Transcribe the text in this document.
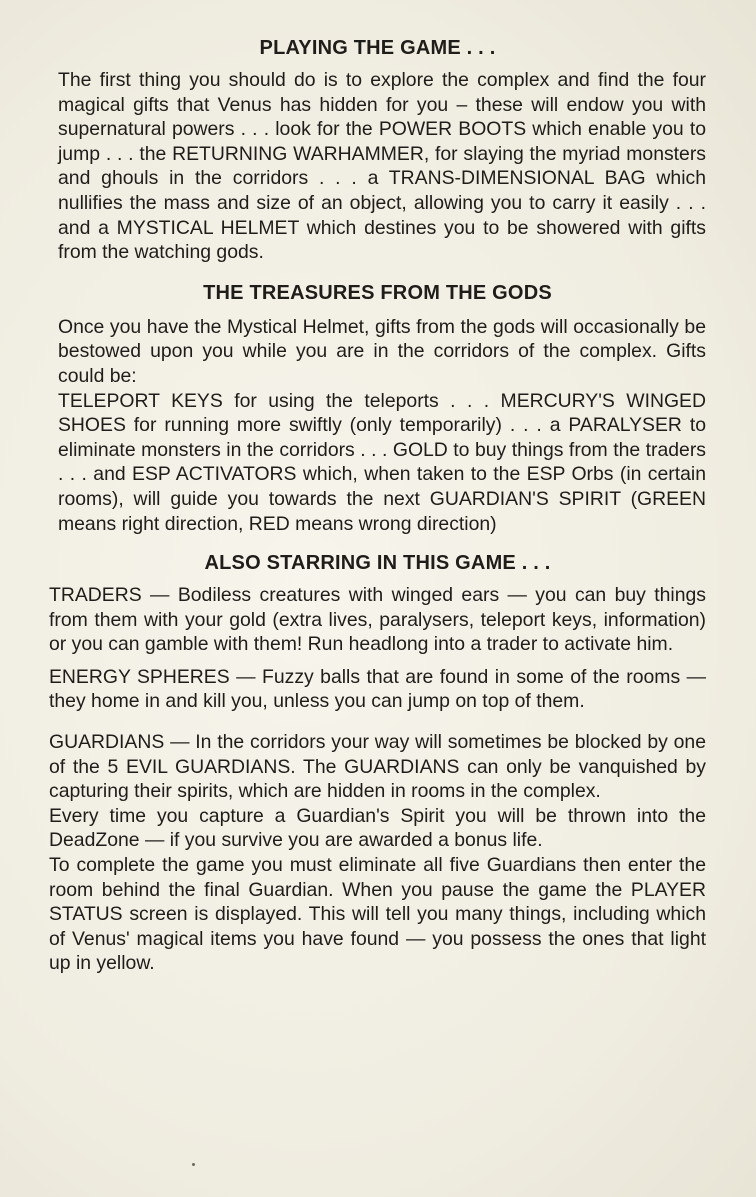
PLAYING THE GAME . . .

The first thing you should do is to explore the complex and find the four magical gifts that Venus has hidden for you – these will endow you with supernatural powers . . . look for the POWER BOOTS which enable you to jump . . . the RETURNING WARHAMMER, for slaying the myriad monsters and ghouls in the corridors . . . a TRANS-DIMENSIONAL BAG which nullifies the mass and size of an object, allowing you to carry it easily . . . and a MYSTICAL HELMET which destines you to be showered with gifts from the watching gods.

THE TREASURES FROM THE GODS

Once you have the Mystical Helmet, gifts from the gods will occasionally be bestowed upon you while you are in the corridors of the complex. Gifts could be:

TELEPORT KEYS for using the teleports . . . MERCURY'S WINGED SHOES for running more swiftly (only temporarily) . . . a PARALYSER to eliminate monsters in the corridors . . . GOLD to buy things from the traders . . . and ESP ACTIVATORS which, when taken to the ESP Orbs (in certain rooms), will guide you towards the next GUARDIAN'S SPIRIT (GREEN means right direction, RED means wrong direction)

ALSO STARRING IN THIS GAME . . .

TRADERS — Bodiless creatures with winged ears — you can buy things from them with your gold (extra lives, paralysers, teleport keys, information) or you can gamble with them! Run headlong into a trader to activate him.

ENERGY SPHERES — Fuzzy balls that are found in some of the rooms — they home in and kill you, unless you can jump on top of them.

GUARDIANS — In the corridors your way will sometimes be blocked by one of the 5 EVIL GUARDIANS. The GUARDIANS can only be vanquished by capturing their spirits, which are hidden in rooms in the complex.

Every time you capture a Guardian's Spirit you will be thrown into the DeadZone — if you survive you are awarded a bonus life.

To complete the game you must eliminate all five Guardians then enter the room behind the final Guardian. When you pause the game the PLAYER STATUS screen is displayed. This will tell you many things, including which of Venus' magical items you have found — you possess the ones that light up in yellow.
